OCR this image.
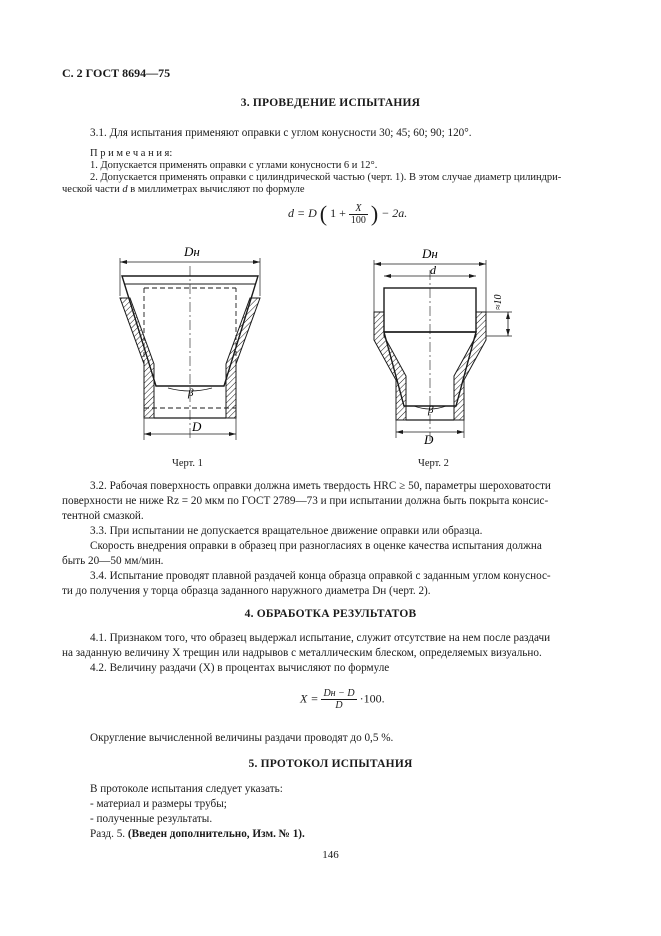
С. 2 ГОСТ 8694—75
3. ПРОВЕДЕНИЕ ИСПЫТАНИЯ
3.1. Для испытания применяют оправки с углом конусности 30; 45; 60; 90; 120°.
П р и м е ч а н и я:
1. Допускается применять оправки с углами конусности 6 и 12°.
2. Допускается применять оправки с цилиндрической частью (черт. 1). В этом случае диаметр цилиндри-
ческой части d в миллиметрах вычисляют по формуле
d = D ( $1 + \frac{X}{100}$ ) − 2a.
Dн
β
D
Черт. 1
Dн
d
≈10
β
D
Черт. 2
3.2. Рабочая поверхность оправки должна иметь твердость HRC ≥ 50, параметры шероховатости
поверхности не ниже Rz = 20 мкм по ГОСТ 2789—73 и при испытании должна быть покрыта консис-
тентной смазкой.
3.3. При испытании не допускается вращательное движение оправки или образца.
Скорость внедрения оправки в образец при разногласиях в оценке качества испытания должна
быть 20—50 мм/мин.
3.4. Испытание проводят плавной раздачей конца образца оправкой с заданным углом конуснос-
ти до получения у торца образца заданного наружного диаметра Dн (черт. 2).
4. ОБРАБОТКА РЕЗУЛЬТАТОВ
4.1. Признаком того, что образец выдержал испытание, служит отсутствие на нем после раздачи
на заданную величину X трещин или надрывов с металлическим блеском, определяемых визуально.
4.2. Величину раздачи (X) в процентах вычисляют по формуле
$X = \frac{Dн - D}{D} \cdot 100$.
Округление вычисленной величины раздачи проводят до 0,5 %.
5. ПРОТОКОЛ ИСПЫТАНИЯ
В протоколе испытания следует указать:
- материал и размеры трубы;
- полученные результаты.
Разд. 5. (Введен дополнительно, Изм. № 1).
146
